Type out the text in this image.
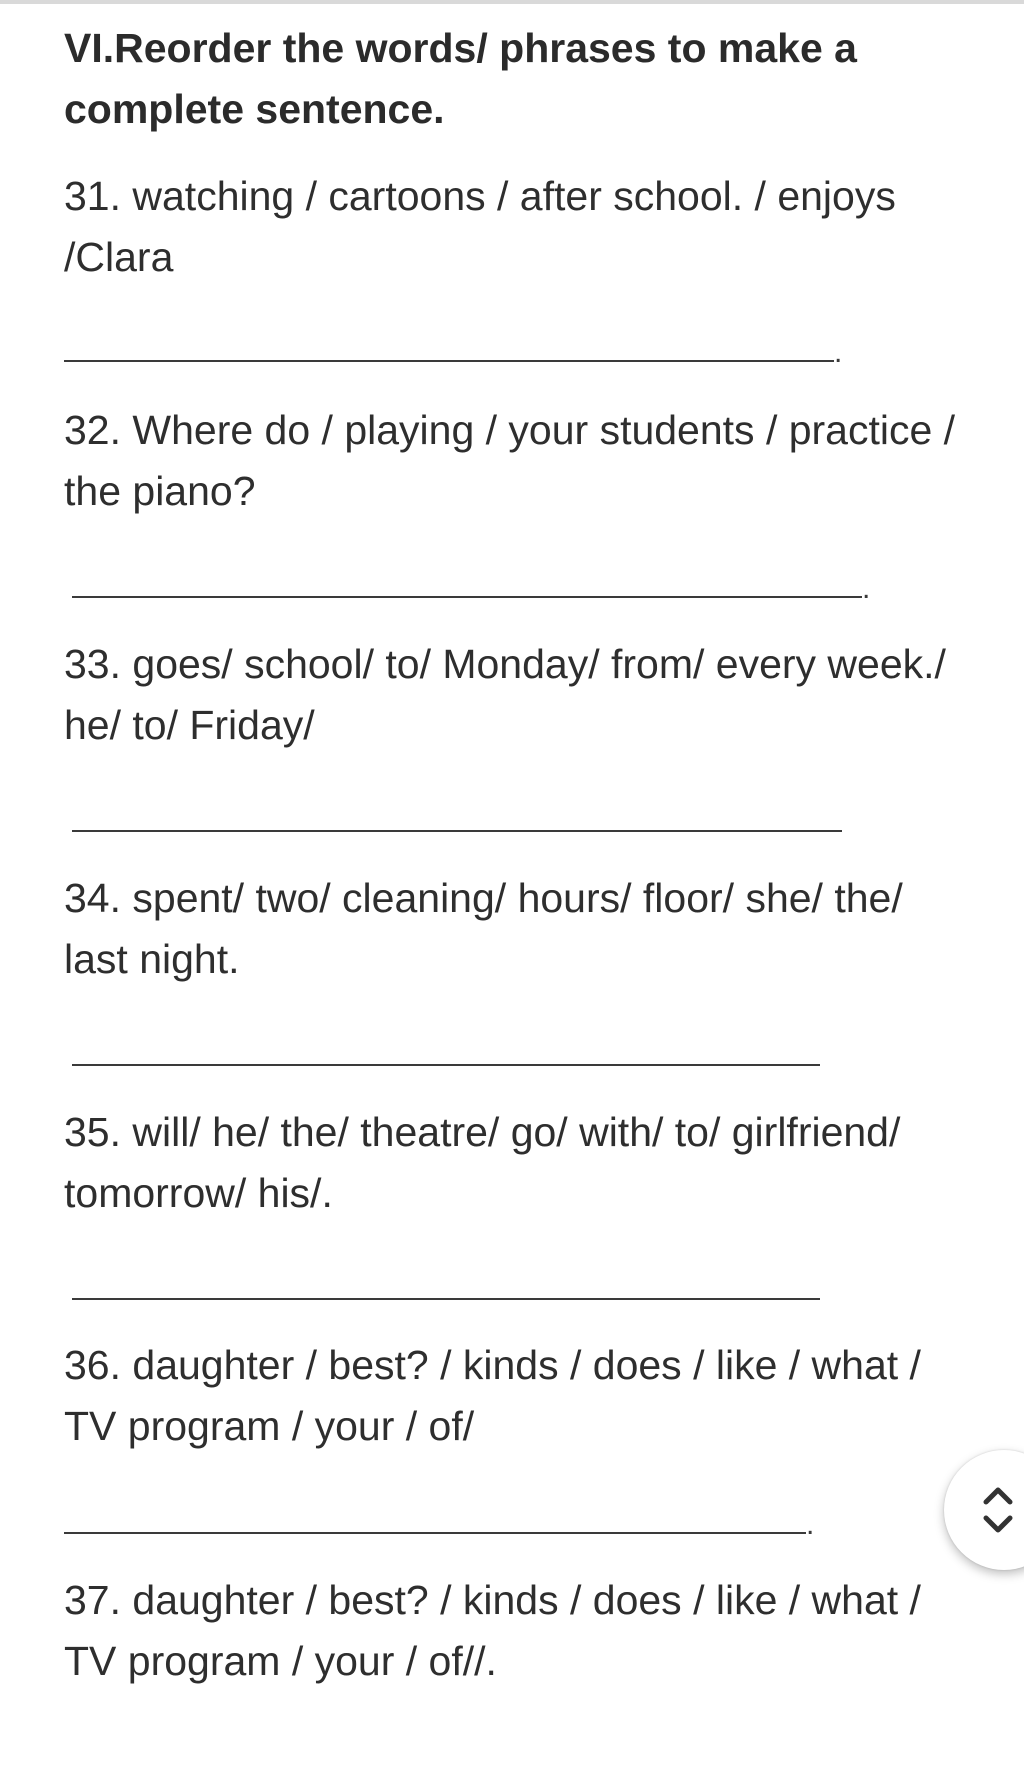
VI.Reorder the words/ phrases to make a complete sentence.

31. watching / cartoons / after school. / enjoys /Clara

.

32. Where do / playing / your students / practice / the piano?

.

33. goes/ school/ to/ Monday/ from/ every week./ he/ to/ Friday/

34. spent/ two/ cleaning/ hours/ floor/ she/ the/ last night.

35. will/ he/ the/ theatre/ go/ with/ to/ girlfriend/ tomorrow/ his/.

36. daughter / best? / kinds / does / like / what / TV program / your / of/

.

37. daughter / best? / kinds / does / like / what / TV program / your / of//.
